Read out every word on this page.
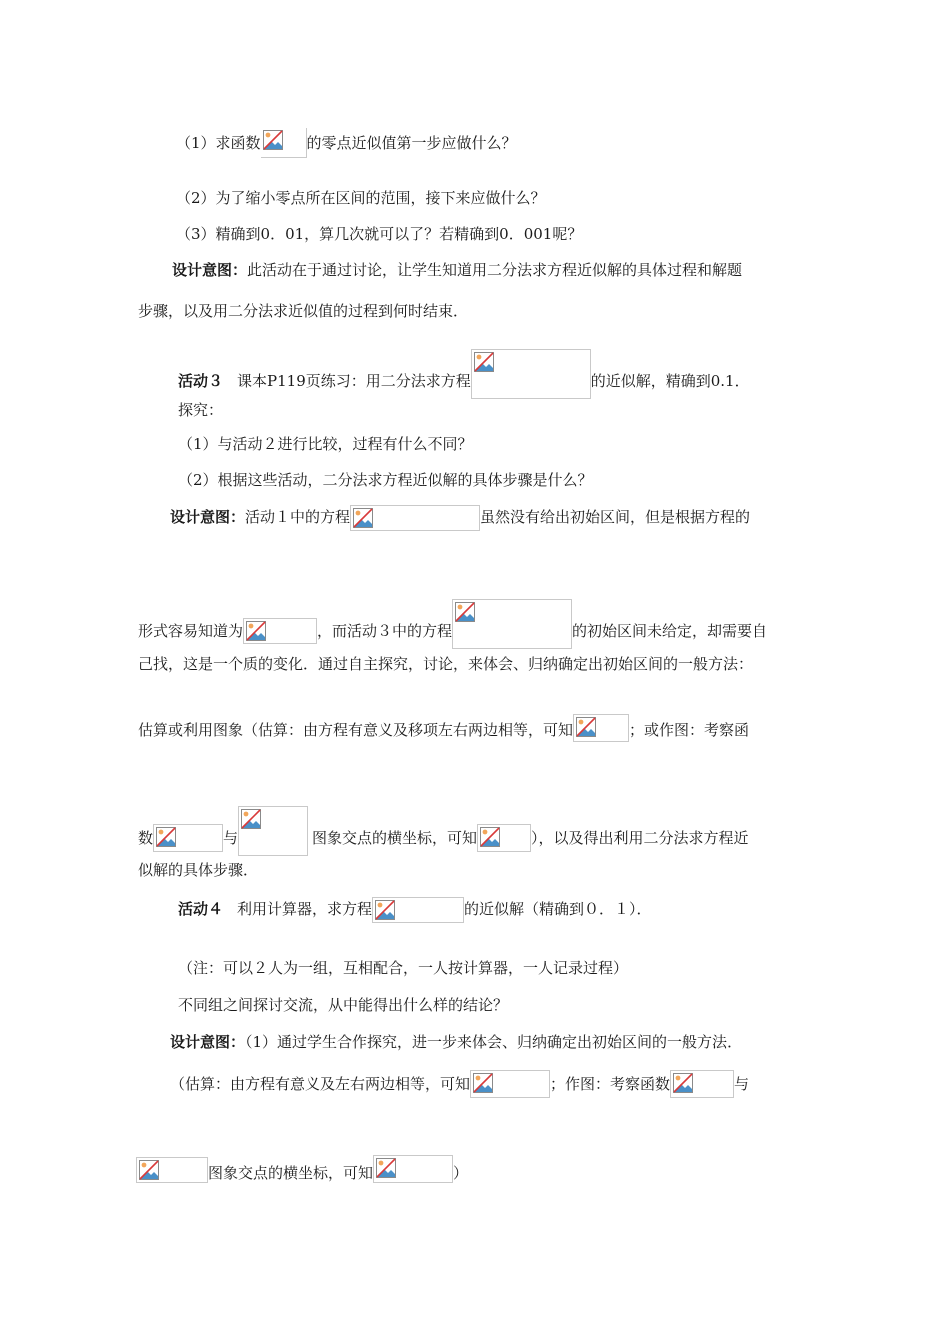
（1）求函数	的零点近似值第一步应做什么？
（2）为了缩小零点所在区间的范围，接下来应做什么？
（3）精确到0．01，算几次就可以了？若精确到0．001呢？
设计意图：此活动在于通过讨论，让学生知道用二分法求方程近似解的具体过程和解题
步骤，以及用二分法求近似值的过程到何时结束．
活动３ 课本P119页练习：用二分法求方程	的近似解，精确到0.1．
探究：
（1）与活动２进行比较，过程有什么不同？
（2）根据这些活动，二分法求方程近似解的具体步骤是什么？
设计意图：活动１中的方程	虽然没有给出初始区间，但是根据方程的
形式容易知道为	，而活动３中的方程	的初始区间未给定，却需要自
己找，这是一个质的变化．通过自主探究，讨论，来体会、归纳确定出初始区间的一般方法：
估算或利用图象（估算：由方程有意义及移项左右两边相等，可知	；或作图：考察函
数	与	图象交点的横坐标，可知	），以及得出利用二分法求方程近
似解的具体步骤．
活动４ 利用计算器，求方程	的近似解（精确到０．１）．
（注：可以２人为一组，互相配合，一人按计算器，一人记录过程）
不同组之间探讨交流，从中能得出什么样的结论？
设计意图：（1）通过学生合作探究，进一步来体会、归纳确定出初始区间的一般方法．
（估算：由方程有意义及左右两边相等，可知	；作图：考察函数	与
图象交点的横坐标，可知	）
